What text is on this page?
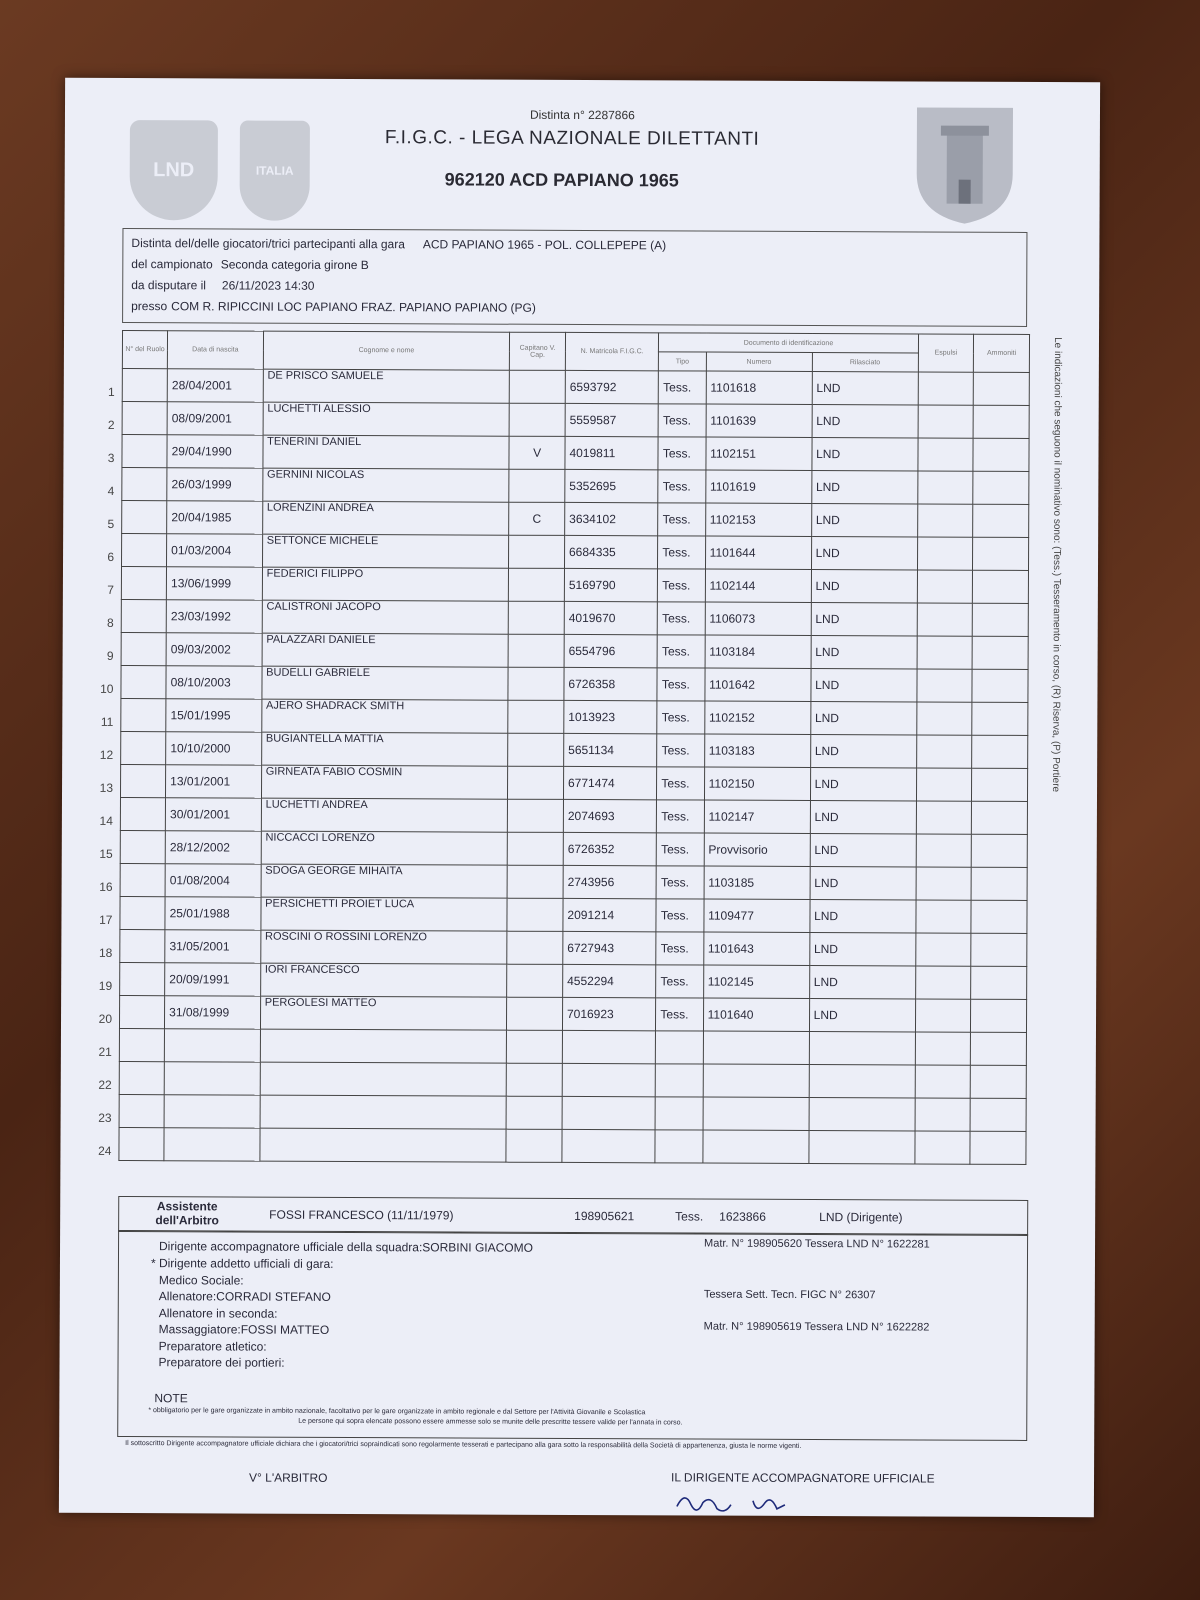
LND	ITALIA
Distinta n° 2287866
F.I.G.C. - LEGA NAZIONALE DILETTANTI
962120 ACD PAPIANO 1965
Distinta del/delle giocatori/trici partecipanti alla gara ACD PAPIANO 1965 - POL. COLLEPEPE (A)
del campionato Seconda categoria girone B
da disputare il 26/11/2023 14:30
presso COM R. RIPICCINI LOC PAPIANO FRAZ. PAPIANO PAPIANO (PG)
N° del Ruolo	Data di nascita	Cognome e nome	Capitano V. Cap.	N. Matricola F.I.G.C.	Documento di identificazione			Espulsi	Ammoniti
					Tipo	Numero	Rilasciato		

1	28/04/2001	DE PRISCO SAMUELE		6593792	Tess.	1101618	LND		

2	08/09/2001	LUCHETTI ALESSIO		5559587	Tess.	1101639	LND		

3	29/04/1990	TENERINI DANIEL	V	4019811	Tess.	1102151	LND		

4	26/03/1999	GERNINI NICOLAS		5352695	Tess.	1101619	LND		

5	20/04/1985	LORENZINI ANDREA	C	3634102	Tess.	1102153	LND		

6	01/03/2004	SETTONCE MICHELE		6684335	Tess.	1101644	LND		

7	13/06/1999	FEDERICI FILIPPO		5169790	Tess.	1102144	LND		

8	23/03/1992	CALISTRONI JACOPO		4019670	Tess.	1106073	LND		

9	09/03/2002	PALAZZARI DANIELE		6554796	Tess.	1103184	LND		

10	08/10/2003	BUDELLI GABRIELE		6726358	Tess.	1101642	LND		

11	15/01/1995	AJERO SHADRACK SMITH		1013923	Tess.	1102152	LND		

12	10/10/2000	BUGIANTELLA MATTIA		5651134	Tess.	1103183	LND		

13	13/01/2001	GIRNEATA FABIO COSMIN		6771474	Tess.	1102150	LND		

14	30/01/2001	LUCHETTI ANDREA		2074693	Tess.	1102147	LND		

15	28/12/2002	NICCACCI LORENZO		6726352	Tess.	Provvisorio	LND		

16	01/08/2004	SDOGA GEORGE MIHAITA		2743956	Tess.	1103185	LND		

17	25/01/1988	PERSICHETTI PROIET LUCA		2091214	Tess.	1109477	LND		

18	31/05/2001	ROSCINI O ROSSINI LORENZO		6727943	Tess.	1101643	LND		

19	20/09/1991	IORI FRANCESCO		4552294	Tess.	1102145	LND		

20	31/08/1999	PERGOLESI MATTEO		7016923	Tess.	1101640	LND		

21									

22									

23									

24									

Assistente dell'Arbitro	FOSSI FRANCESCO (11/11/1979)	198905621	Tess. 1623866	LND (Dirigente)
Dirigente accompagnatore ufficiale della squadra:SORBINI GIACOMO	Matr. N° 198905620 Tessera LND N° 1622281
* Dirigente addetto ufficiali di gara:
Medico Sociale:
Allenatore:CORRADI STEFANO	Tessera Sett. Tecn. FIGC N° 26307
Allenatore in seconda:
Massaggiatore:FOSSI MATTEO	Matr. N° 198905619 Tessera LND N° 1622282
Preparatore atletico:
Preparatore dei portieri:
NOTE
* obbligatorio per le gare organizzate in ambito nazionale, facoltativo per le gare organizzate in ambito regionale e dal Settore per l'Attività Giovanile e Scolastica
Le persone qui sopra elencate possono essere ammesse solo se munite delle prescritte tessere valide per l'annata in corso.
Il sottoscritto Dirigente accompagnatore ufficiale dichiara che i giocatori/trici sopraindicati sono regolarmente tesserati e partecipano alla gara sotto la responsabilità della Società di appartenenza, giusta le norme vigenti.
V° L'ARBITRO	IL DIRIGENTE ACCOMPAGNATORE UFFICIALE
Le indicazioni che seguono il nominativo sono: (Tess.) Tesseramento in corso, (R) Riserva, (P) Portiere
